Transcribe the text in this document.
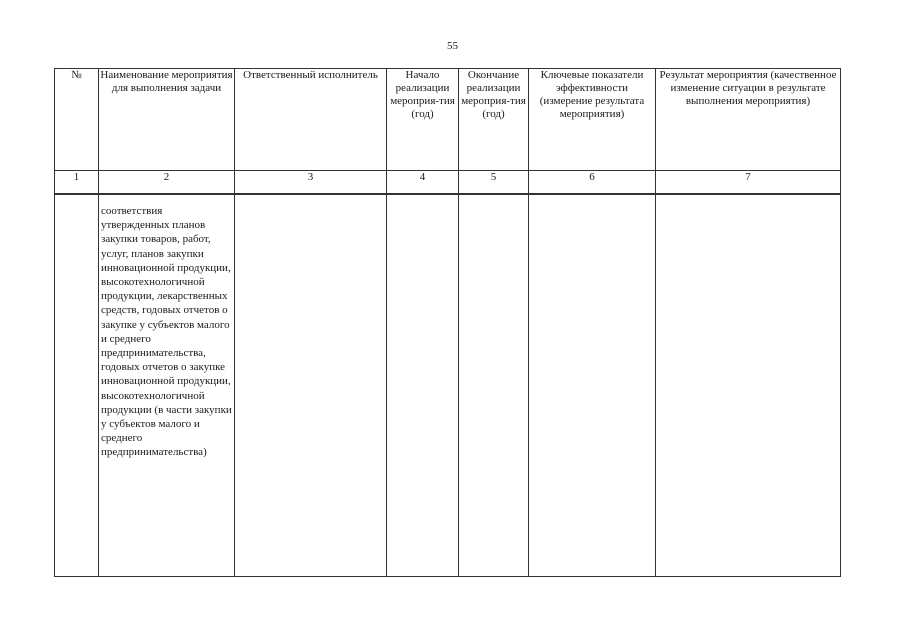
55
№	Наименование мероприятия для выполнения задачи	Ответственный исполнитель	Начало реализации мероприя-тия (год)	Окончание реализации мероприя-тия (год)	Ключевые показатели эффективности (измерение результата мероприятия)	Результат мероприятия (качественное изменение ситуации в результате выполнения мероприятия)
1	2	3	4	5	6	7
	соответствия утвержденных планов закупки товаров, работ, услуг, планов закупки инновационной продукции, высокотехнологичной продукции, лекарственных средств, годовых отчетов о закупке у субъектов малого и среднего предпринимательства, годовых отчетов о закупке инновационной продукции, высокотехнологичной продукции (в части закупки у субъектов малого и среднего предпринимательства)					
